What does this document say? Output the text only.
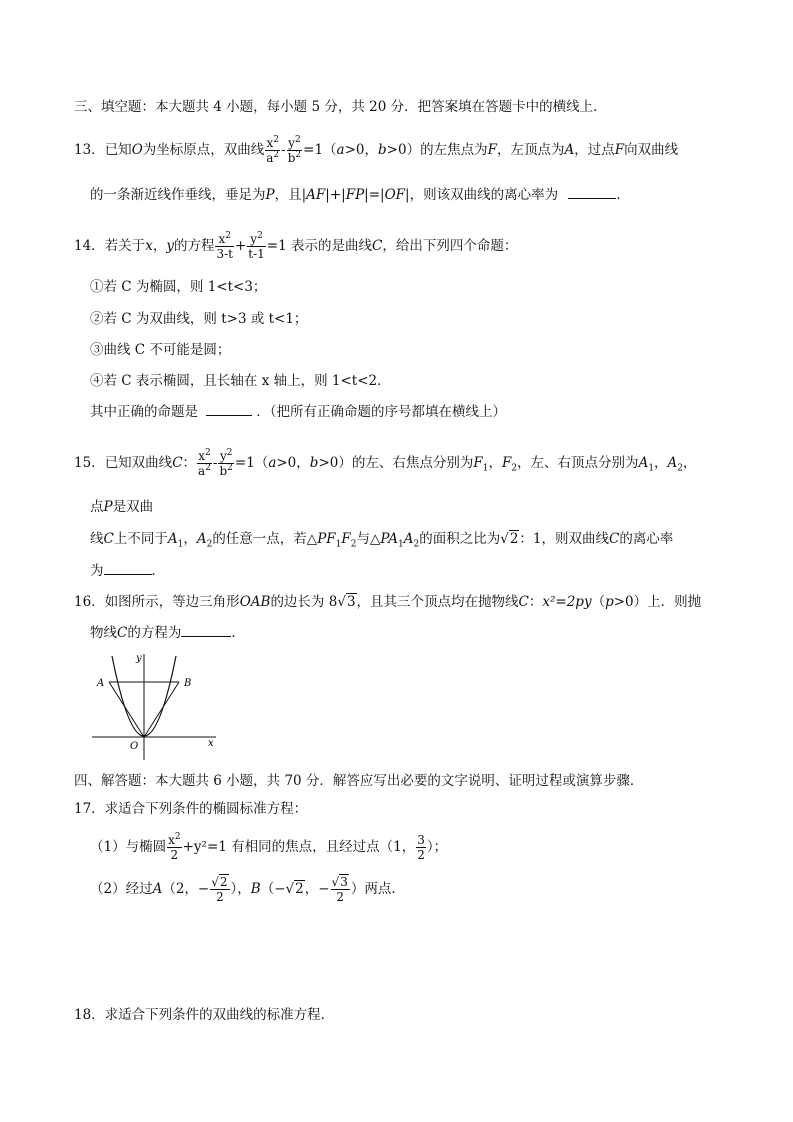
三、填空题：本大题共 4 小题，每小题 5 分，共 20 分．把答案填在答题卡中的横线上．
13．已知O为坐标原点，双曲线 $\frac{x^2}{a^2} - \frac{y^2}{b^2} =1(a>0$，b>0）的左焦点为F，左顶点为A，过点F向双曲线
的一条渐近线作垂线，垂足为P，且|AF|+|FP|=|OF|，则该双曲线的离心率为	．
14．若关于x，y的方程 $\frac{x^2}{3-t} + \frac{y^2}{t-1} =1$ 表示的是曲线C，给出下列四个命题：
①若 C 为椭圆，则 1<t<3；
②若 C 为双曲线，则 t>3 或 t<1；
③曲线 C 不可能是圆；
④若 C 表示椭圆，且长轴在 x 轴上，则 1<t<2．
其中正确的命题是	．（把所有正确命题的序号都填在横线上）
15．已知双曲线C： $\frac{x^2}{a^2} - \frac{y^2}{b^2} =1(a>0$，b>0）的左、右焦点分别为$F_1$，$F_2$，左、右顶点分别为$A_1$，$A_2$，
点P是双曲
线C上不同于$A_1$，$A_2$的任意一点，若$\triangle PF_1F_2$与$\triangle PA_1A_2$的面积之比为√2：1，则双曲线C的离心率
为	．
16．如图所示，等边三角形OAB的边长为 8√3，且其三个顶点均在抛物线C：x²=2py（p>0）上．则抛
物线C的方程为	．
y
x
O
A	B
四、解答题：本大题共 6 小题，共 70 分．解答应写出必要的文字说明、证明过程或演算步骤．
17．求适合下列条件的椭圆标准方程：
（1）与椭圆 $\frac{x^2}{2} +y^2=1$ 有相同的焦点，且经过点（1， $\frac{3}{2}$ ）；
（2）经过A（2，− $\frac{√2}{2}$ ），B（−√2，− $\frac{√3}{2}$ ）两点．
18．求适合下列条件的双曲线的标准方程．
